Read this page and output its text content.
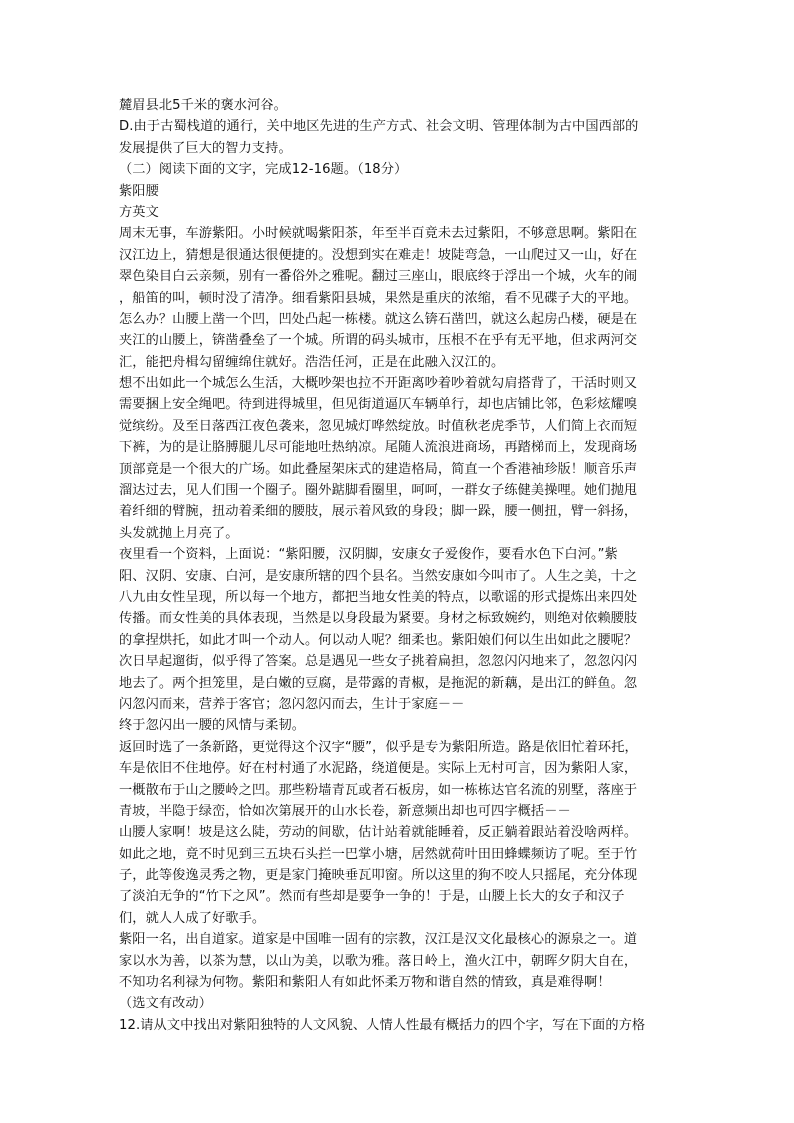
麓眉县北5千米的褒水河谷。
D.由于古蜀栈道的通行，关中地区先进的生产方式、社会文明、管理体制为古中国西部的
发展提供了巨大的智力支持。
（二）阅读下面的文字，完成12-16题。（18分）
紫阳腰
方英文
周末无事，车游紫阳。小时候就喝紫阳茶，年至半百竟未去过紫阳，不够意思啊。紫阳在
汉江边上，猜想是很通达很便捷的。没想到实在难走！坡陡弯急，一山爬过又一山，好在
翠色染目白云亲频，别有一番俗外之雅呢。翻过三座山，眼底终于浮出一个城，火车的闹
，船笛的叫，顿时没了清净。细看紫阳县城，果然是重庆的浓缩，看不见碟子大的平地。
怎么办？山腰上凿一个凹，凹处凸起一栋楼。就这么锛石凿凹，就这么起房凸楼，硬是在
夹江的山腰上，锛凿叠垒了一个城。所谓的码头城市，压根不在乎有无平地，但求两河交
汇，能把舟楫勾留缠绵住就好。浩浩任河，正是在此融入汉江的。
想不出如此一个城怎么生活，大概吵架也拉不开距离吵着吵着就勾肩搭背了，干活时则又
需要捆上安全绳吧。待到进得城里，但见街道逼仄车辆单行，却也店铺比邻，色彩炫耀嗅
觉缤纷。及至日落西江夜色袭来，忽见城灯哗然绽放。时值秋老虎季节，人们简上衣而短
下裤，为的是让胳膊腿儿尽可能地吐热纳凉。尾随人流浪进商场，再踏梯而上，发现商场
顶部竟是一个很大的广场。如此叠屋架床式的建造格局，简直一个香港袖珍版！顺音乐声
溜达过去，见人们围一个圈子。圈外踮脚看圈里，呵呵，一群女子练健美操哩。她们抛甩
着纤细的臂腕，扭动着柔细的腰肢，展示着风致的身段；脚一跺，腰一侧扭，臂一斜扬，
头发就抛上月亮了。
夜里看一个资料，上面说：“紫阳腰，汉阴脚，安康女子爱俊作，要看水色下白河。”紫
阳、汉阴、安康、白河，是安康所辖的四个县名。当然安康如今叫市了。人生之美，十之
八九由女性呈现，所以每一个地方，都把当地女性美的特点，以歌谣的形式提炼出来四处
传播。而女性美的具体表现，当然是以身段最为紧要。身材之标致婉约，则绝对依赖腰肢
的拿捏烘托，如此才叫一个动人。何以动人呢？细柔也。紫阳娘们何以生出如此之腰呢？
次日早起遛街，似乎得了答案。总是遇见一些女子挑着扁担，忽忽闪闪地来了，忽忽闪闪
地去了。两个担笼里，是白嫩的豆腐，是带露的青椒，是拖泥的新藕，是出江的鲜鱼。忽
闪忽闪而来，营养于客官；忽闪忽闪而去，生计于家庭－－
终于忽闪出一腰的风情与柔韧。
返回时选了一条新路，更觉得这个汉字“腰”，似乎是专为紫阳所造。路是依旧忙着环托，
车是依旧不住地停。好在村村通了水泥路，绕道便是。实际上无村可言，因为紫阳人家，
一概散布于山之腰岭之凹。那些粉墙青瓦或者石板房，如一栋栋达官名流的别墅，落座于
青坡，半隐于绿峦，恰如次第展开的山水长卷，新意频出却也可四字概括－－
山腰人家啊！坡是这么陡，劳动的间歇，估计站着就能睡着，反正躺着跟站着没啥两样。
如此之地，竟不时见到三五块石头拦一巴掌小塘，居然就荷叶田田蜂蝶频访了呢。至于竹
子，此等俊逸灵秀之物，更是家门掩映垂瓦叩窗。所以这里的狗不咬人只摇尾，充分体现
了淡泊无争的“竹下之风”。然而有些却是要争一争的！于是，山腰上长大的女子和汉子
们，就人人成了好歌手。
紫阳一名，出自道家。道家是中国唯一固有的宗教，汉江是汉文化最核心的源泉之一。道
家以水为善，以茶为慧，以山为美，以歌为雅。落日岭上，渔火江中，朝晖夕阴大自在，
不知功名利禄为何物。紫阳和紫阳人有如此怀柔万物和谐自然的情致，真是难得啊！
（选文有改动）
12.请从文中找出对紫阳独特的人文风貌、人情人性最有概括力的四个字，写在下面的方格
